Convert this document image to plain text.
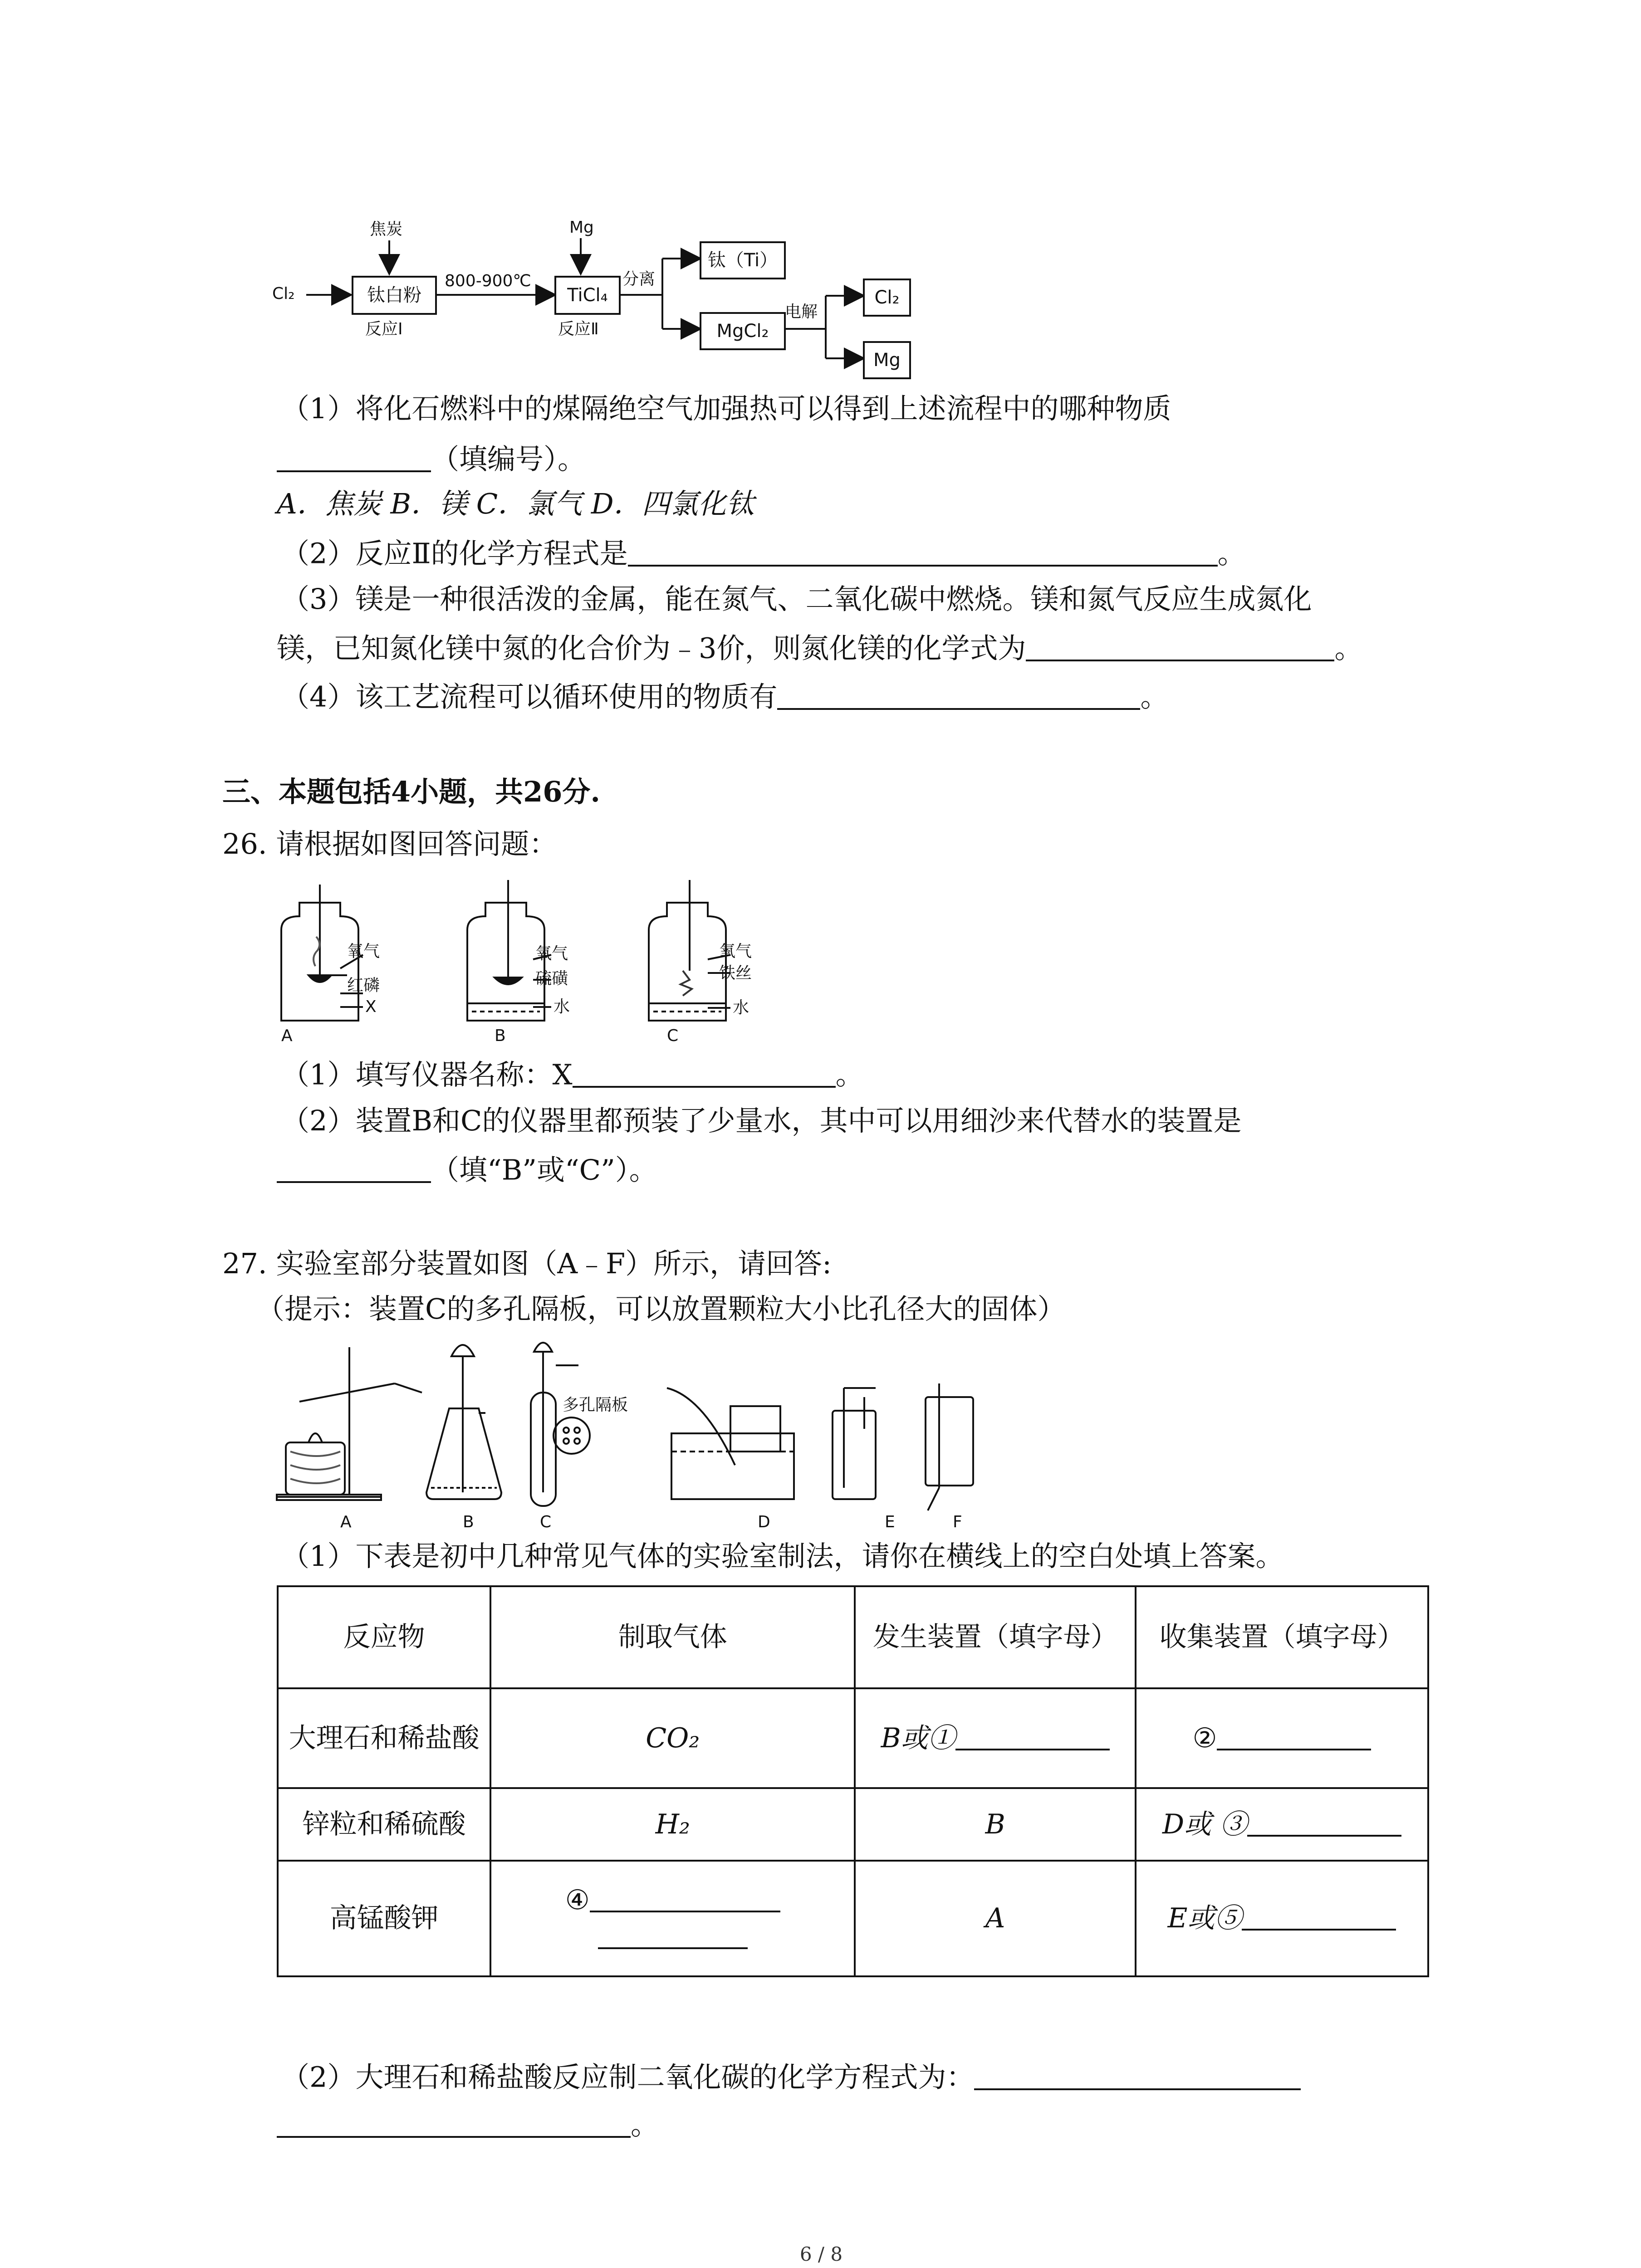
Cl₂
焦炭
钛白粉
反应Ⅰ
800-900℃
Mg
TiCl₄
反应Ⅱ
分离
钛（Ti）
MgCl₂
电解
Cl₂
Mg
（1）将化石燃料中的煤隔绝空气加强热可以得到上述流程中的哪种物质
（填编号）。
A．焦炭 B．镁 C．氯气 D．四氯化钛
（2）反应Ⅱ的化学方程式是	。
（3）镁是一种很活泼的金属，能在氮气、二氧化碳中燃烧。镁和氮气反应生成氮化
镁，已知氮化镁中氮的化合价为﹣3价，则氮化镁的化学式为	。
（4）该工艺流程可以循环使用的物质有	。
三、本题包括4小题，共26分.
26. 请根据如图回答问题：
氧气
红磷
X
A
氧气
硫磺
水
B
氧气
铁丝
水
C
（1）填写仪器名称：X	。
（2）装置B和C的仪器里都预装了少量水，其中可以用细沙来代替水的装置是
（填“B”或“C”）。
27. 实验室部分装置如图（A﹣F）所示，请回答:
（提示：装置C的多孔隔板，可以放置颗粒大小比孔径大的固体）
多孔隔板
A	B	C	D	E	F
（1）下表是初中几种常见气体的实验室制法，请你在横线上的空白处填上答案。
反应物	制取气体	发生装置（填字母）	收集装置（填字母）
大理石和稀盐酸	CO₂	B或①	②
锌粒和稀硫酸	H₂	B	D或 ③
高锰酸钾	④	A	E或⑤
（2）大理石和稀盐酸反应制二氧化碳的化学方程式为：
。
6 / 8
